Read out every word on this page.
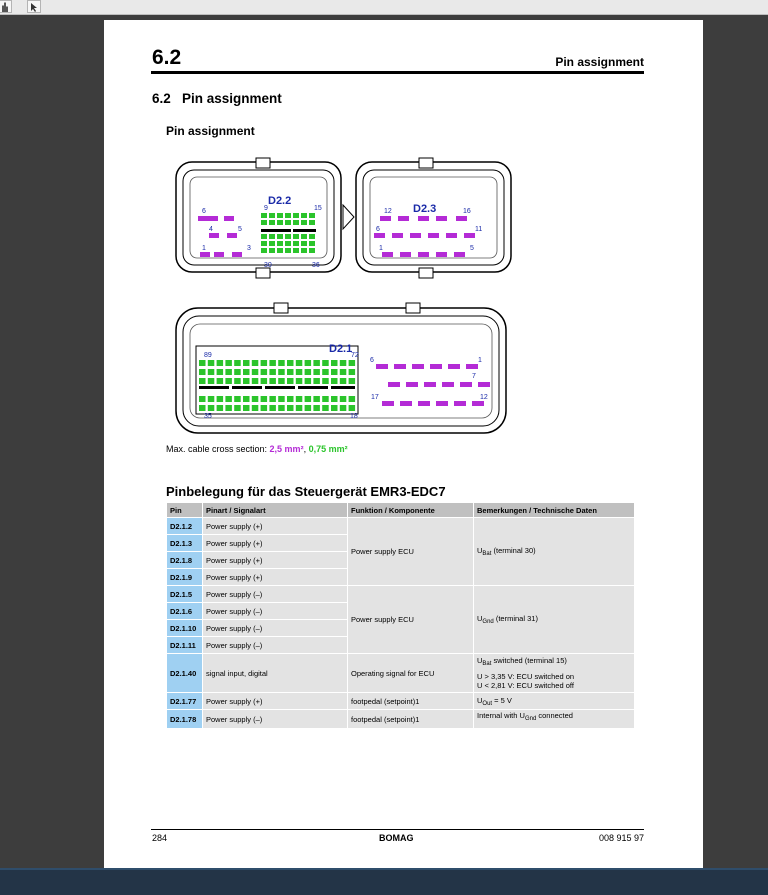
6.2	Pin assignment
6.2   Pin assignment
Pin assignment
D2.2
D2.3
D2.1
6	9	15
4	5
1	3
30	36
12	16
6	11
1	5
89	72
6	1
7
17	12
35	18
Max. cable cross section: 2,5 mm², 0,75 mm²
Pinbelegung für das Steuergerät EMR3-EDC7
Pin	Pinart / Signalart	Funktion / Komponente	Bemerkungen / Technische Daten
D2.1.2	Power supply (+)	Power supply ECU	$U_{Bat}$ (terminal 30)
D2.1.3	Power supply (+)		
D2.1.8	Power supply (+)		
D2.1.9	Power supply (+)		
D2.1.5	Power supply (–)	Power supply ECU	$U_{Gnd}$ (terminal 31)
D2.1.6	Power supply (–)		
D2.1.10	Power supply (–)		
D2.1.11	Power supply (–)		
D2.1.40	signal input, digital	Operating signal for ECU	$U_{Bat}$ switched (terminal 15)
U > 3,35 V: ECU switched on
U < 2,81 V: ECU switched off

D2.1.77	Power supply (+)	footpedal (setpoint)1	$U_{Out} = 5$ V
D2.1.78	Power supply (–)	footpedal (setpoint)1	Internal with $U_{Gnd}$ connected
284	BOMAG	008 915 97
